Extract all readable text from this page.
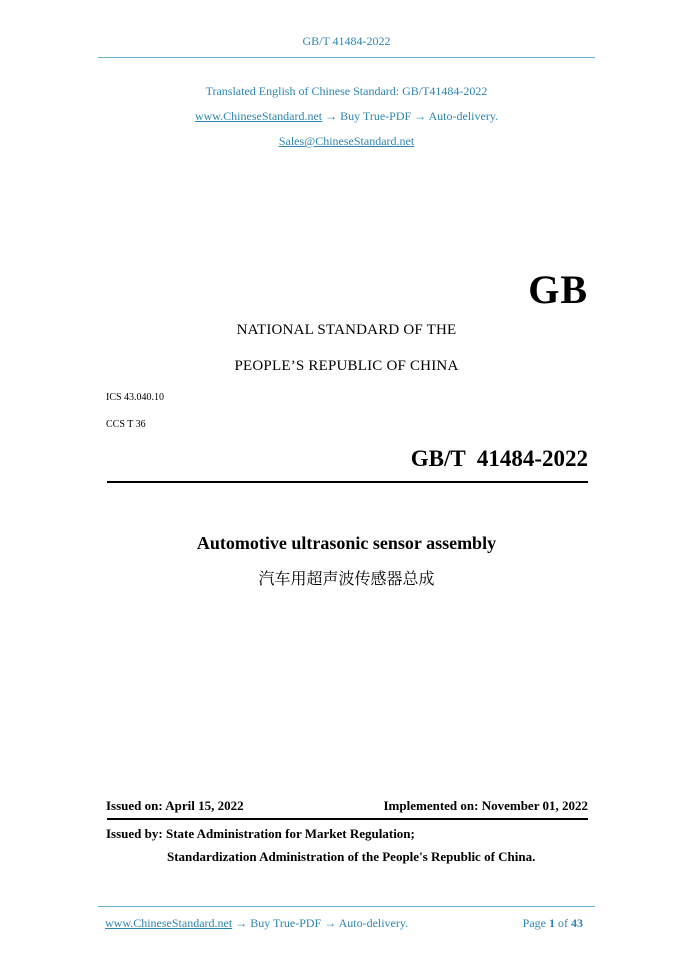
GB/T 41484-2022
Translated English of Chinese Standard: GB/T41484-2022
www.ChineseStandard.net → Buy True-PDF → Auto-delivery.
Sales@ChineseStandard.net
GB
NATIONAL STANDARD OF THE
PEOPLE’S REPUBLIC OF CHINA
ICS 43.040.10
CCS T 36
GB/T  41484-2022
Automotive ultrasonic sensor assembly
汽车用超声波传感器总成
Issued on: April 15, 2022	Implemented on: November 01, 2022
Issued by: State Administration for Market Regulation;
Standardization Administration of the People's Republic of China.
www.ChineseStandard.net → Buy True-PDF → Auto-delivery.	Page 1 of 43
